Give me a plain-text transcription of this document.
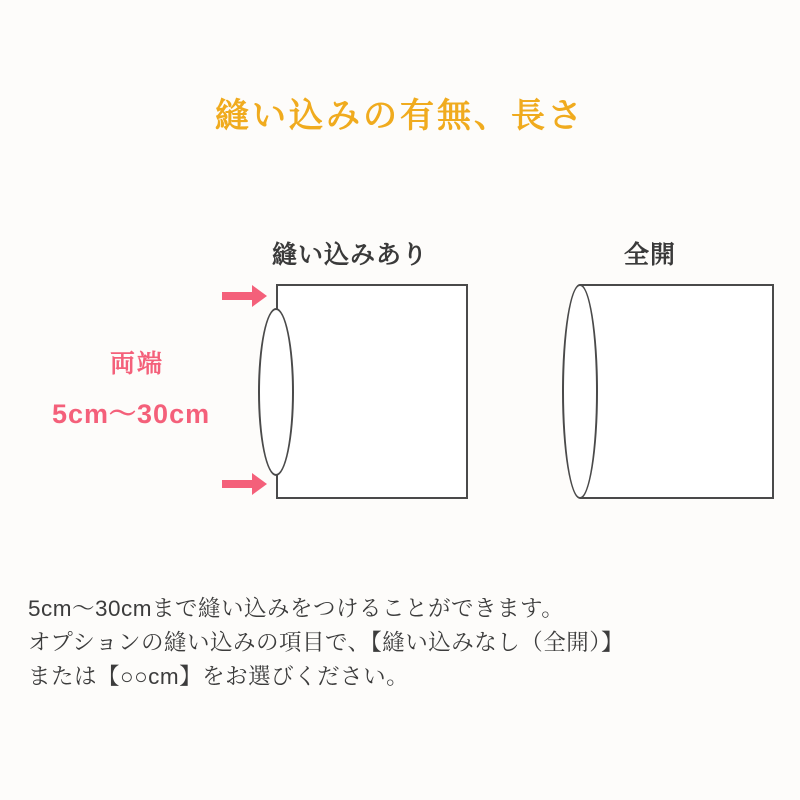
縫い込みの有無、長さ
縫い込みあり	全開
両端
5cm〜30cm
5cm〜30cmまで縫い込みをつけることができます。
オプションの縫い込みの項目で、【縫い込みなし（全開）】
または【○○cm】をお選びください。
